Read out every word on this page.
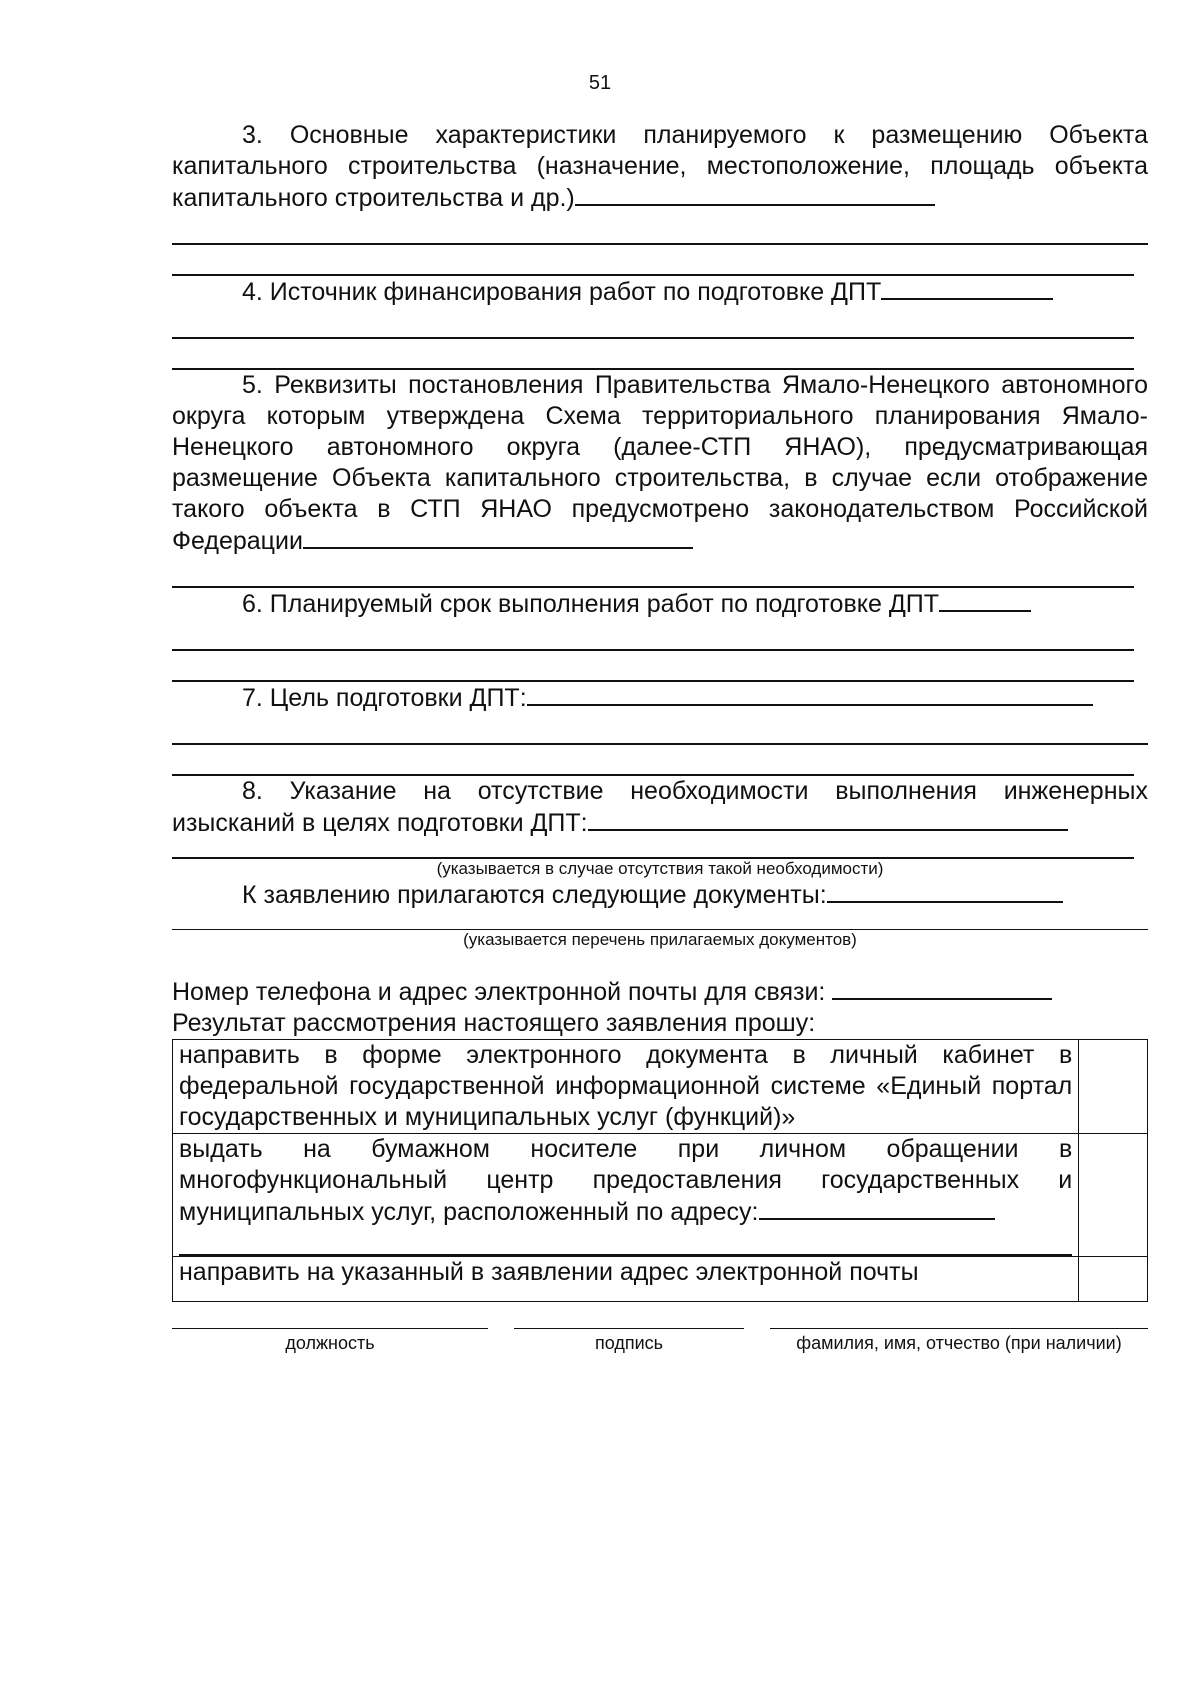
51
3. Основные характеристики планируемого к размещению Объекта капитального строительства (назначение, местоположение, площадь объекта капитального строительства и др.)
4. Источник финансирования работ по подготовке ДПТ
5. Реквизиты постановления Правительства Ямало-Ненецкого автономного округа которым утверждена Схема территориального планирования Ямало-Ненецкого автономного округа (далее-СТП ЯНАО), предусматривающая размещение Объекта капитального строительства, в случае если отображение такого объекта в СТП ЯНАО предусмотрено законодательством Российской Федерации
6. Планируемый срок выполнения работ по подготовке ДПТ
7. Цель подготовки ДПТ:
8. Указание на отсутствие необходимости выполнения инженерных изысканий в целях подготовки ДПТ:
(указывается в случае отсутствия такой необходимости)
К заявлению прилагаются следующие документы:
(указывается перечень прилагаемых документов)
Номер телефона и адрес электронной почты для связи:
Результат рассмотрения настоящего заявления прошу:
направить в форме электронного документа в личный кабинет в федеральной государственной информационной системе «Единый портал государственных и муниципальных услуг (функций)»	
выдать на бумажном носителе при личном обращении в многофункциональный центр предоставления государственных и муниципальных услуг, расположенный по адресу:

направить на указанный в заявлении адрес электронной почты	
должность	подпись	фамилия, имя, отчество (при наличии)
